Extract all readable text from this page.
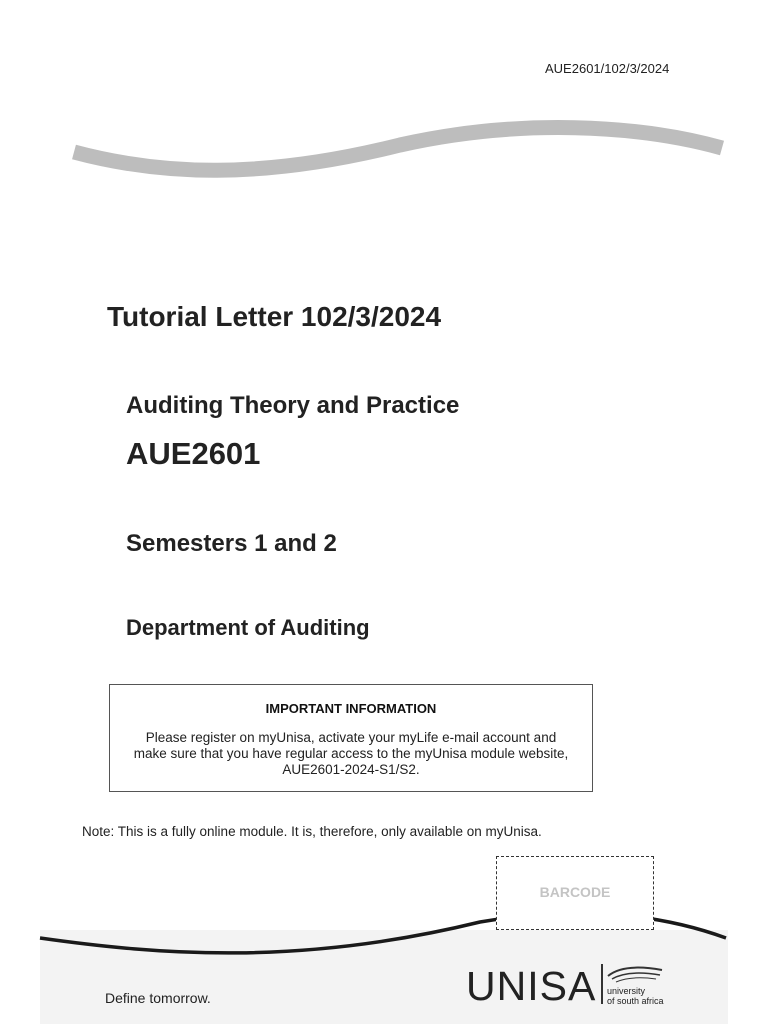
AUE2601/102/3/2024
Tutorial Letter 102/3/2024
Auditing Theory and Practice
AUE2601
Semesters 1 and 2
Department of Auditing
IMPORTANT INFORMATION
Please register on myUnisa, activate your myLife e-mail account and make sure that you have regular access to the myUnisa module website, AUE2601-2024-S1/S2.
Note: This is a fully online module. It is, therefore, only available on myUnisa.
BARCODE
Define tomorrow.	UNISA university
of south africa
